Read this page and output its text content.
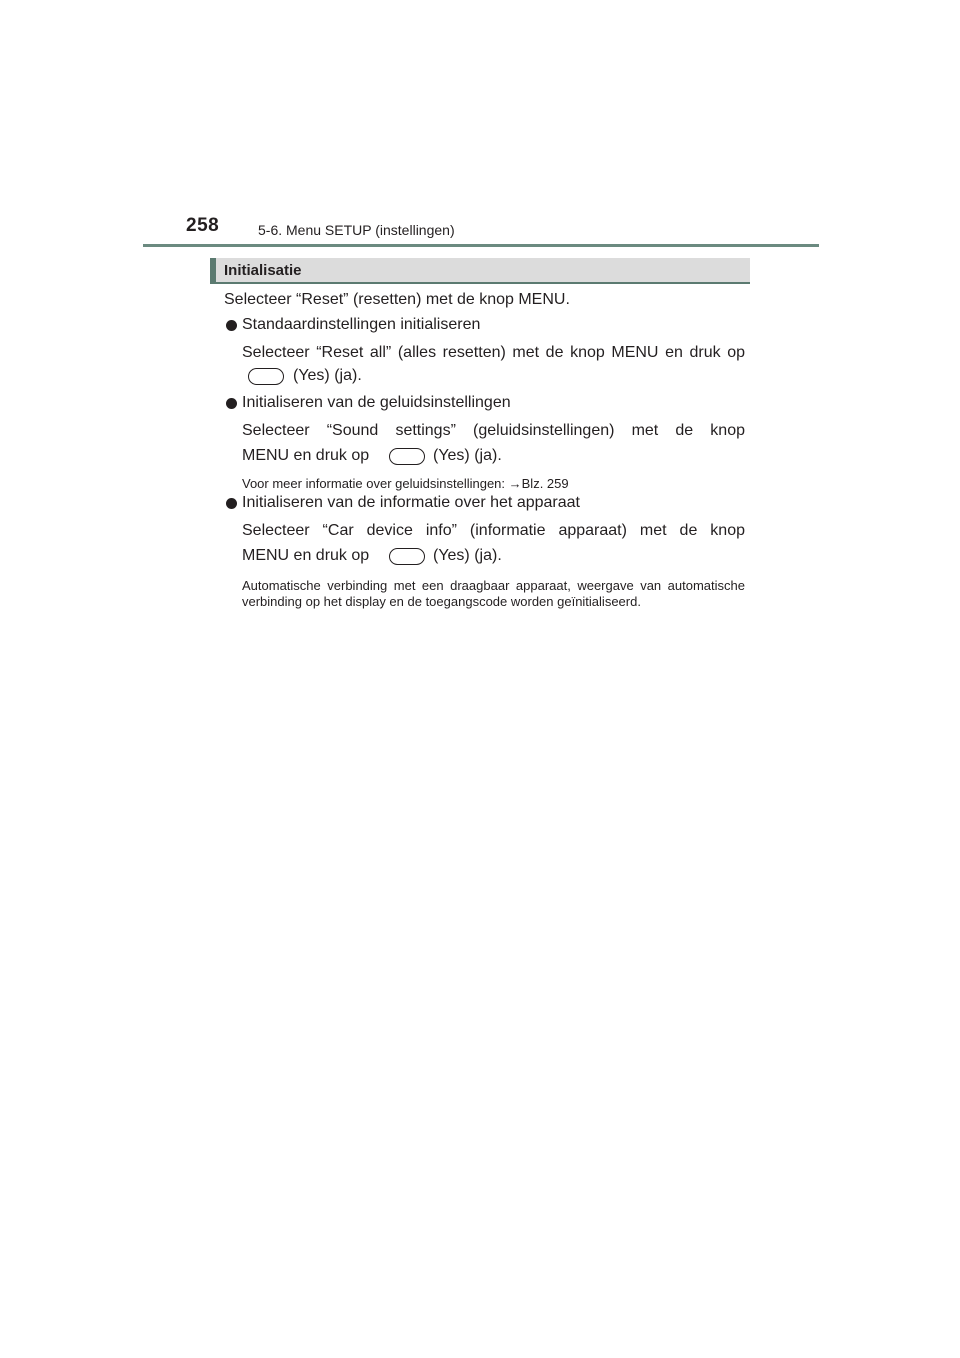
258	5-6. Menu SETUP (instellingen)
Initialisatie
Selecteer “Reset” (resetten) met de knop MENU.
Standaardinstellingen initialiseren
Selecteer “Reset all” (alles resetten) met de knop MENU en druk op
(Yes) (ja).
Initialiseren van de geluidsinstellingen
Selecteer “Sound settings” (geluidsinstellingen) met de knop
MENU en druk op	(Yes) (ja).
Voor meer informatie over geluidsinstellingen: →Blz. 259
Initialiseren van de informatie over het apparaat
Selecteer “Car device info” (informatie apparaat) met de knop
MENU en druk op	(Yes) (ja).
Automatische verbinding met een draagbaar apparaat, weergave van automatische verbinding op het display en de toegangscode worden geïnitialiseerd.
